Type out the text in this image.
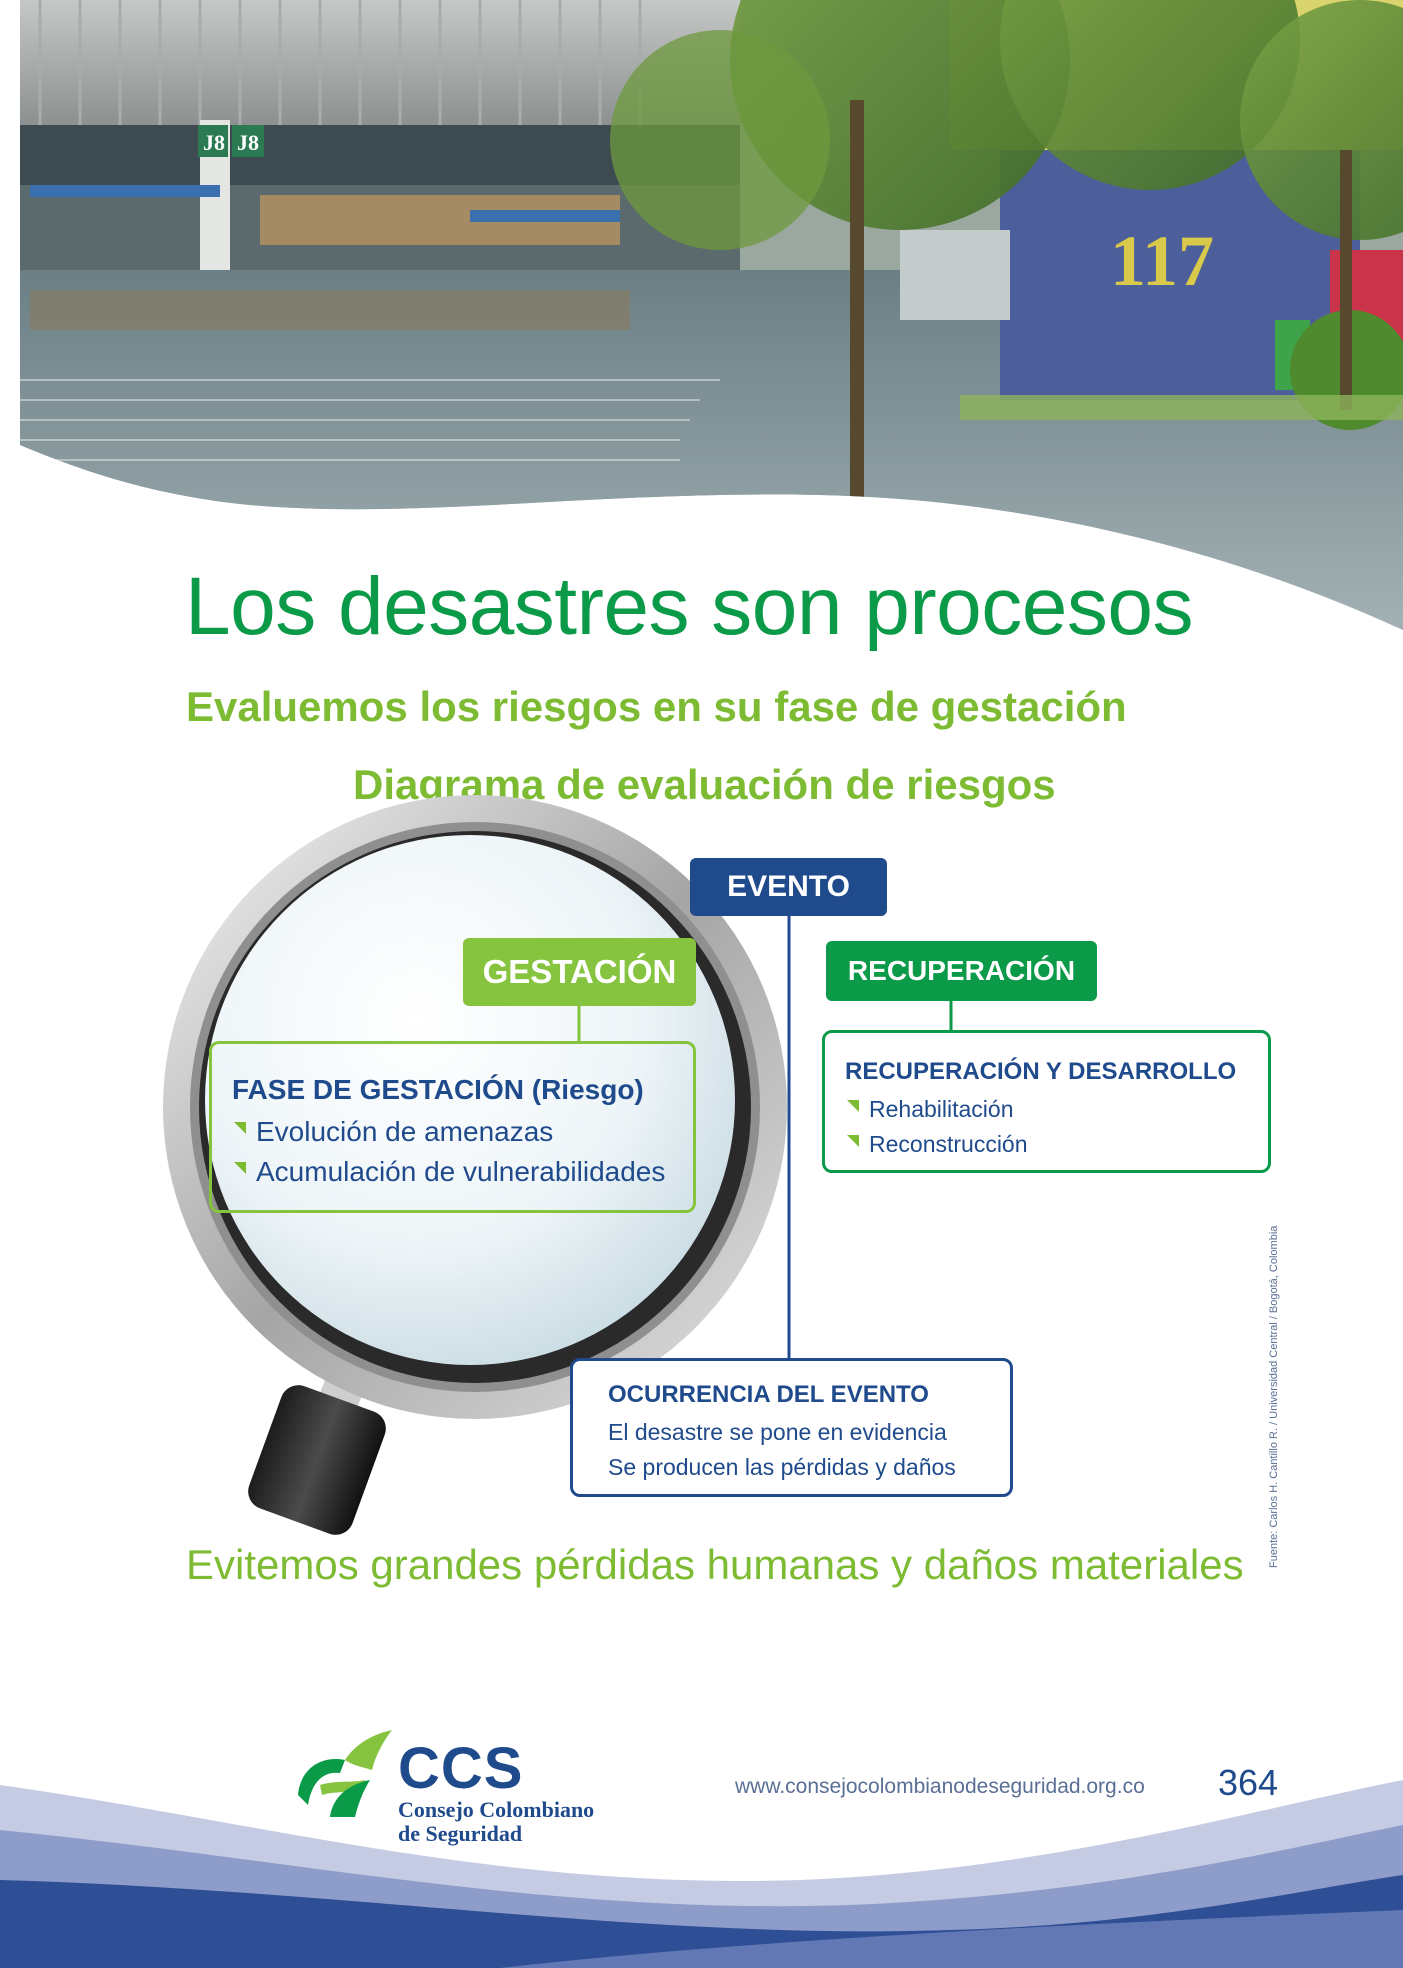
J8 J8
117
Los desastres son procesos
Evaluemos los riesgos en su fase de gestación
Diagrama de evaluación de riesgos
EVENTO
GESTACIÓN	RECUPERACIÓN

FASE DE GESTACIÓN (Riesgo)

Evolución de amenazas
Acumulación de vulnerabilidades

RECUPERACIÓN Y DESARROLLO

Rehabilitación
Reconstrucción

OCURRENCIA DEL EVENTO

El desastre se pone en evidencia
Se producen las pérdidas y daños	Fuente: Carlos H. Cantillo R. / Universidad Central / Bogotá, Colombia

Evitemos grandes pérdidas humanas y daños materiales

CCS

Consejo Colombiano

de Seguridad

www.consejocolombianodeseguridad.org.co 364
